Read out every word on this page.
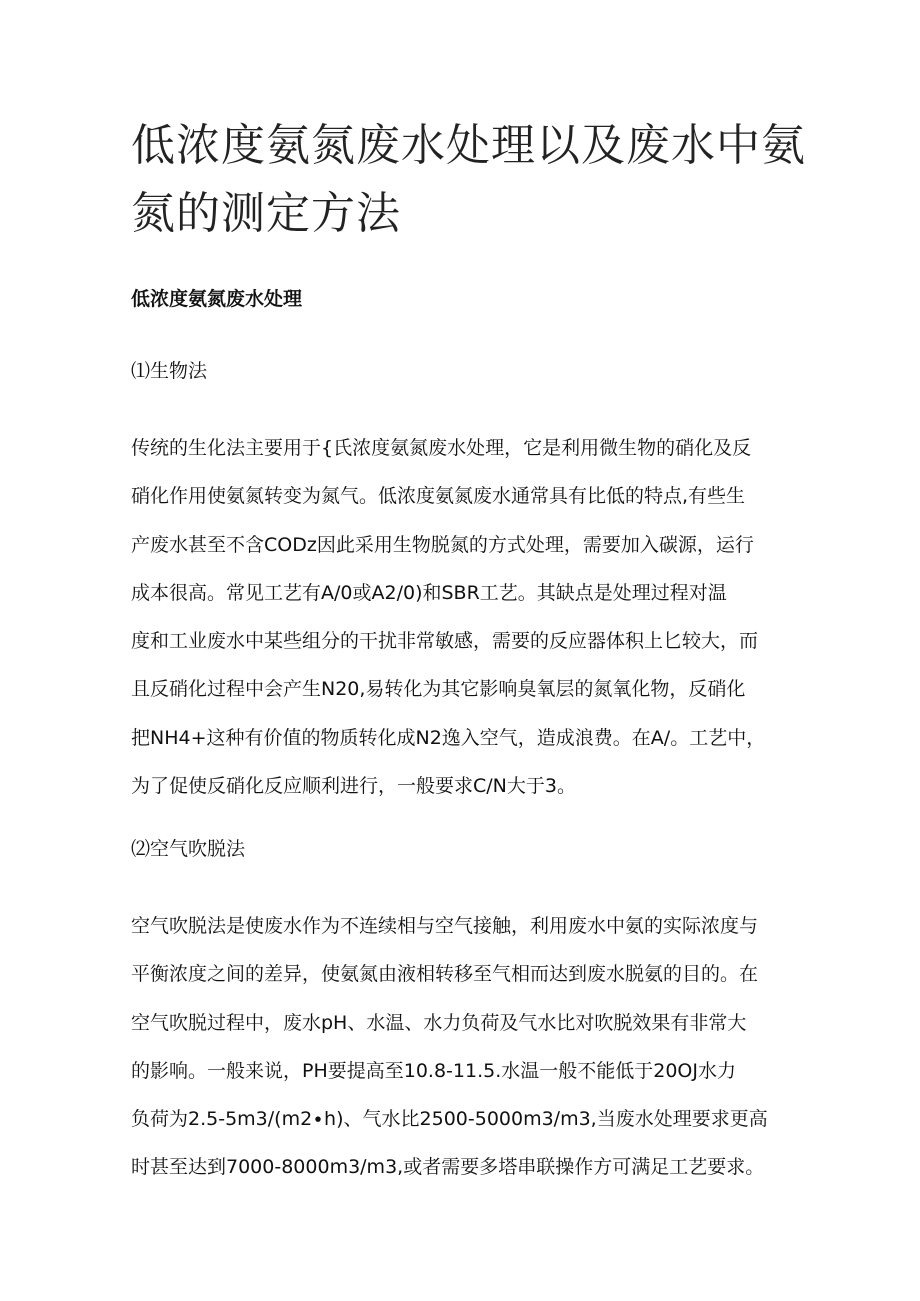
低浓度氨氮废水处理以及废水中氨
氮的测定方法
低浓度氨氮废水处理
⑴生物法

传统的生化法主要用于{氏浓度氨氮废水处理，它是利用微生物的硝化及反
硝化作用使氨氮转变为氮气。低浓度氨氮废水通常具有比低的特点,有些生
产废水甚至不含CODz因此采用生物脱氮的方式处理，需要加入碳源，运行
成本很高。常见工艺有A/0或A2/0)和SBR工艺。其缺点是处理过程对温
度和工业废水中某些组分的干扰非常敏感，需要的反应器体积上匕较大，而
且反硝化过程中会产生N20,易转化为其它影响臭氧层的氮氧化物，反硝化
把NH4+这种有价值的物质转化成N2逸入空气，造成浪费。在A/。工艺中，
为了促使反硝化反应顺利进行，一般要求C/N大于3。

⑵空气吹脱法

空气吹脱法是使废水作为不连续相与空气接触，利用废水中氨的实际浓度与
平衡浓度之间的差异，使氨氮由液相转移至气相而达到废水脱氨的目的。在
空气吹脱过程中，废水pH、水温、水力负荷及气水比对吹脱效果有非常大
的影响。一般来说，PH要提高至10.8-11.5.水温一般不能低于20OJ水力
负荷为2.5-5m3∕(m2∙h)、气水比2500-5000m3∕m3,当废水处理要求更高
时甚至达到7000-8000m3∕m3,或者需要多塔串联操作方可满足工艺要求。
